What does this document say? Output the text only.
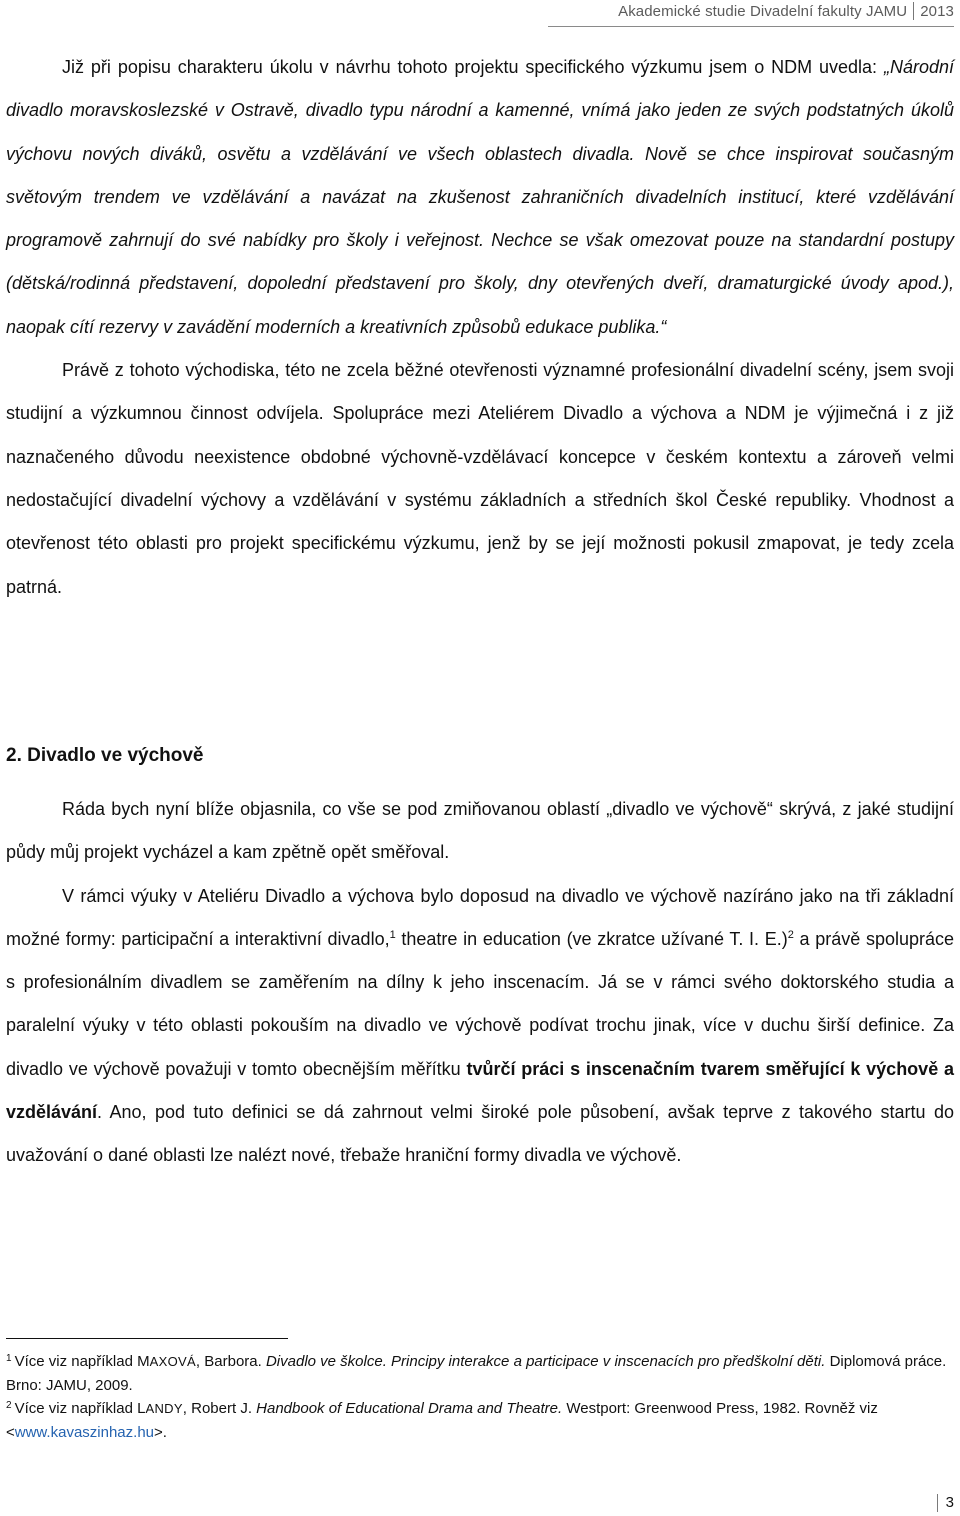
Akademické studie Divadelní fakulty JAMU 2013

Již při popisu charakteru úkolu v návrhu tohoto projektu specifického výzkumu jsem o NDM uvedla: „Národní divadlo moravskoslezské v Ostravě, divadlo typu národní a kamenné, vnímá jako jeden ze svých podstatných úkolů výchovu nových diváků, osvětu a vzdělávání ve všech oblastech divadla. Nově se chce inspirovat současným světovým trendem ve vzdělávání a navázat na zkušenost zahraničních divadelních institucí, které vzdělávání programově zahrnují do své nabídky pro školy i veřejnost. Nechce se však omezovat pouze na standardní postupy (dětská/rodinná představení, dopolední představení pro školy, dny otevřených dveří, dramaturgické úvody apod.), naopak cítí rezervy v zavádění moderních a kreativních způsobů edukace publika.“

Právě z tohoto východiska, této ne zcela běžné otevřenosti významné profesionální divadelní scény, jsem svoji studijní a výzkumnou činnost odvíjela. Spolupráce mezi Ateliérem Divadlo a výchova a NDM je výjimečná i z již naznačeného důvodu neexistence obdobné výchovně-vzdělávací koncepce v českém kontextu a zároveň velmi nedostačující divadelní výchovy a vzdělávání v systému základních a středních škol České republiky. Vhodnost a otevřenost této oblasti pro projekt specifickému výzkumu, jenž by se její možnosti pokusil zmapovat, je tedy zcela patrná.

2. Divadlo ve výchově

Ráda bych nyní blíže objasnila, co vše se pod zmiňovanou oblastí „divadlo ve výchově“ skrývá, z jaké studijní půdy můj projekt vycházel a kam zpětně opět směřoval.

V rámci výuky v Ateliéru Divadlo a výchova bylo doposud na divadlo ve výchově nazíráno jako na tři základní možné formy: participační a interaktivní divadlo,$^1$ theatre in education (ve zkratce užívané T. I. E.)$^2$ a právě spolupráce s profesionálním divadlem se zaměřením na dílny k jeho inscenacím. Já se v rámci svého doktorského studia a paralelní výuky v této oblasti pokouším na divadlo ve výchově podívat trochu jinak, více v duchu širší definice. Za divadlo ve výchově považuji v tomto obecnějším měřítku tvůrčí práci s inscenačním tvarem směřující k výchově a vzdělávání. Ano, pod tuto definici se dá zahrnout velmi široké pole působení, avšak teprve z takového startu do uvažování o dané oblasti lze nalézt nové, třebaže hraniční formy divadla ve výchově.

$^1$ Více viz například MAXOVÁ, Barbora. Divadlo ve školce. Principy interakce a participace v inscenacích pro předškolní děti. Diplomová práce. Brno: JAMU, 2009.

$^2$ Více viz například LANDY, Robert J. Handbook of Educational Drama and Theatre. Westport: Greenwood Press, 1982. Rovněž viz <www.kavaszinhaz.hu>.

3
